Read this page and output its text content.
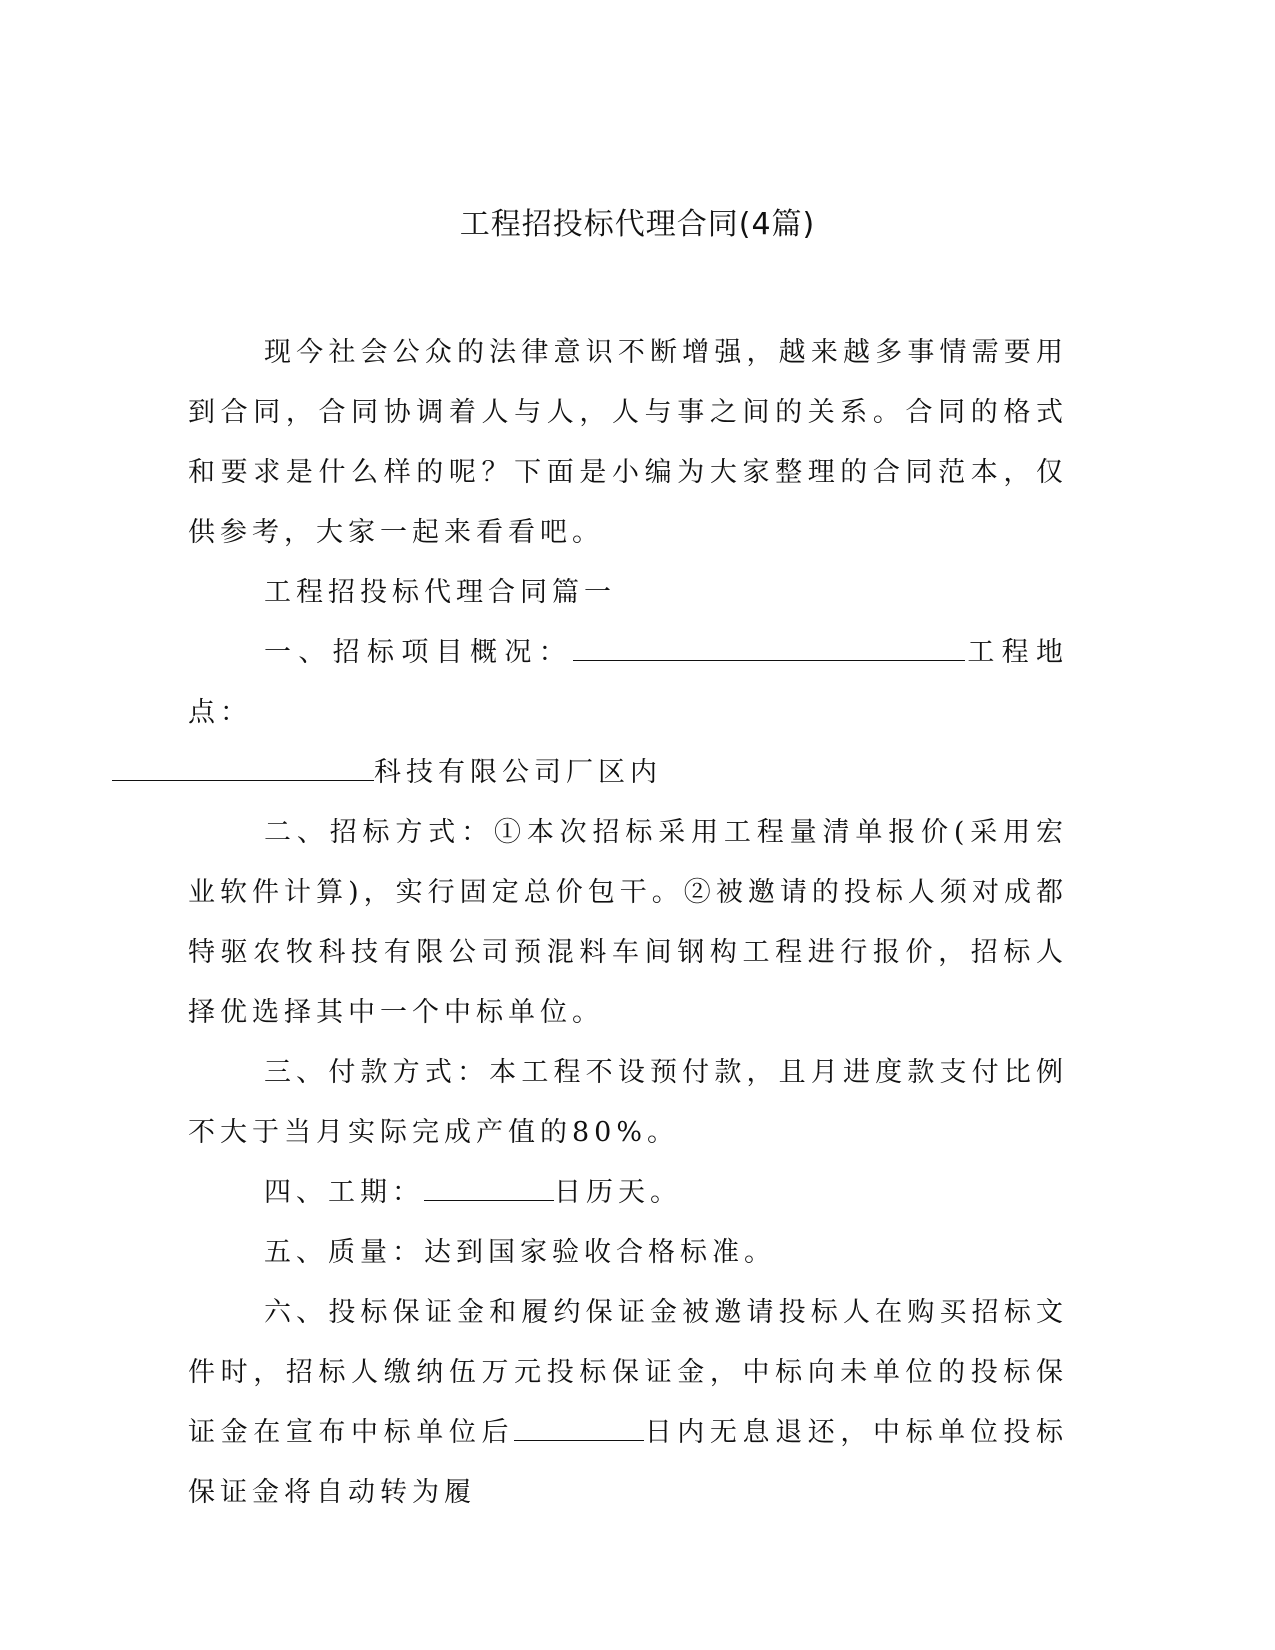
工程招投标代理合同(4篇)

现今社会公众的法律意识不断增强，越来越多事情需要用到合同，合同协调着人与人，人与事之间的关系。合同的格式和要求是什么样的呢？下面是小编为大家整理的合同范本，仅供参考，大家一起来看看吧。

工程招投标代理合同篇一

一、招标项目概况：	工程地点：
科技有限公司厂区内

二、招标方式：①本次招标采用工程量清单报价(采用宏业软件计算)，实行固定总价包干。②被邀请的投标人须对成都特驱农牧科技有限公司预混料车间钢构工程进行报价，招标人择优选择其中一个中标单位。

三、付款方式：本工程不设预付款，且月进度款支付比例不大于当月实际完成产值的80%。

四、工期：	日历天。

五、质量：达到国家验收合格标准。

六、投标保证金和履约保证金被邀请投标人在购买招标文件时，招标人缴纳伍万元投标保证金，中标向未单位的投标保证金在宣布中标单位后	日内无息退还，中标单位投标保证金将自动转为履
